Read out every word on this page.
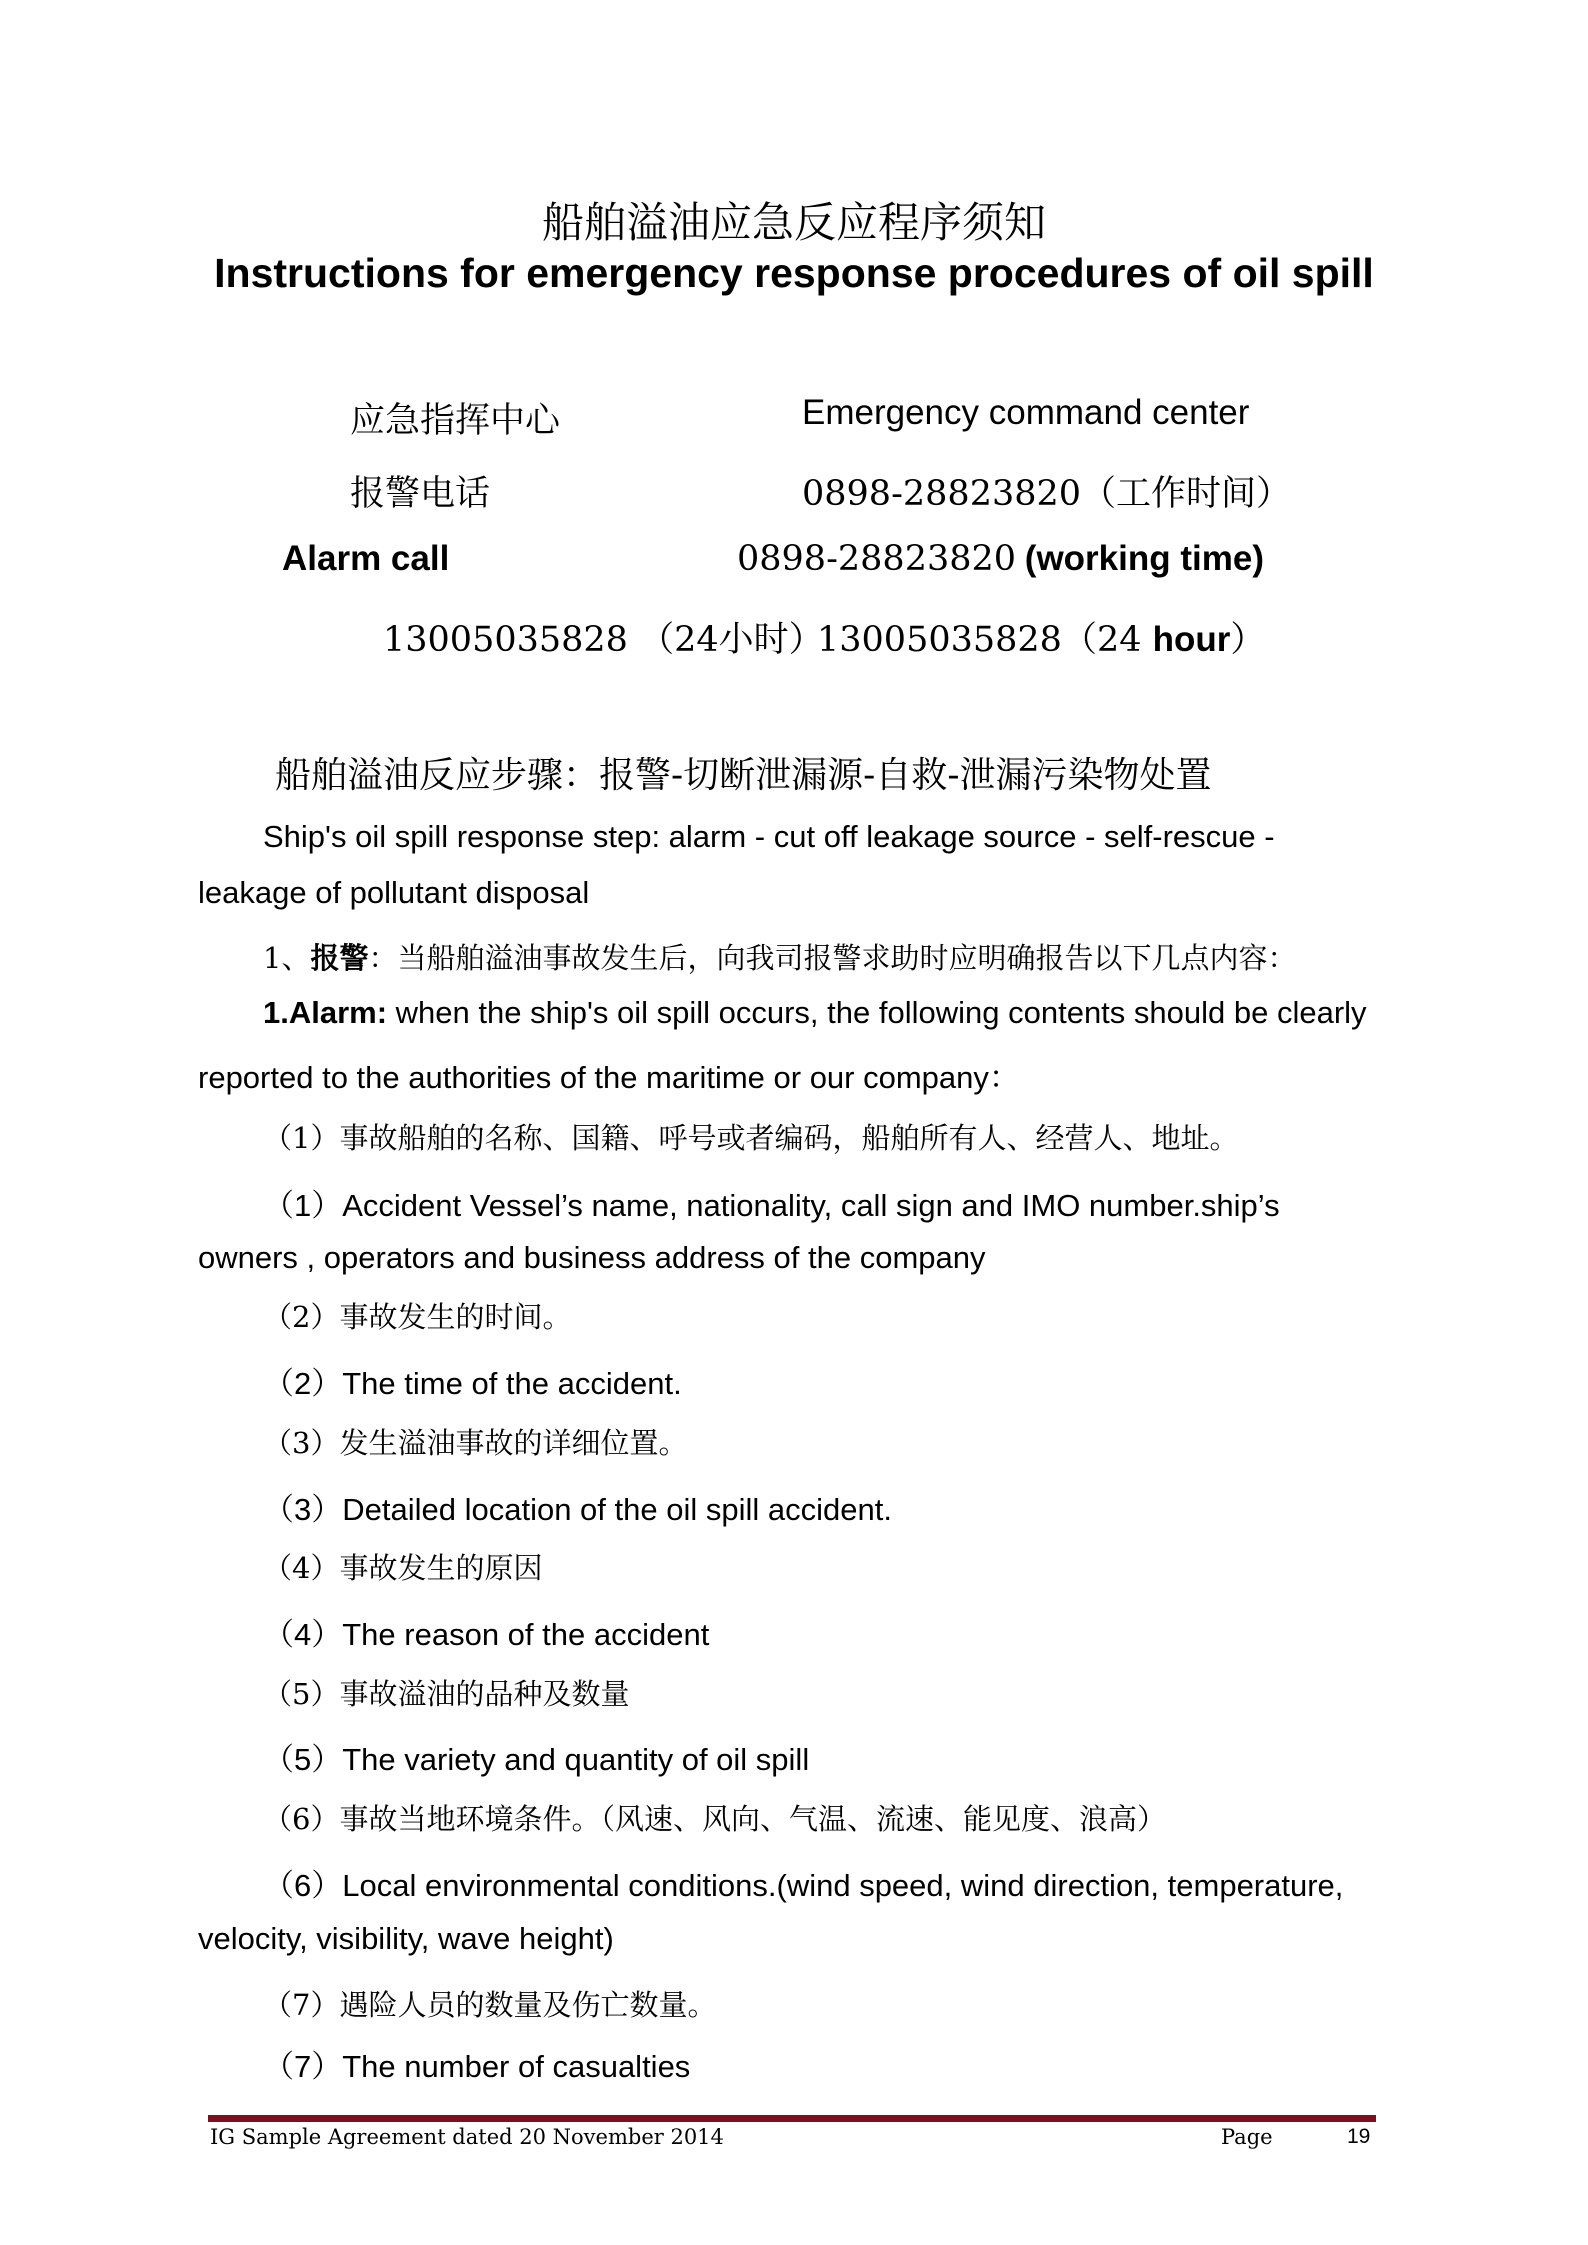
船舶溢油应急反应程序须知
Instructions for emergency response procedures of oil spill
应急指挥中心	Emergency command center
报警电话	0898-28823820（工作时间）
Alarm call	0898-28823820 (working time)
13005035828 （24小时）
13005035828（24 hour）
船舶溢油反应步骤：报警-切断泄漏源-自救-泄漏污染物处置
Ship's oil spill response step: alarm - cut off leakage source - self-rescue -
leakage of pollutant disposal
1、报警：当船舶溢油事故发生后，向我司报警求助时应明确报告以下几点内容：
1.Alarm: when the ship's oil spill occurs, the following contents should be clearly
reported to the authorities of the maritime or our company：
（1）事故船舶的名称、国籍、呼号或者编码，船舶所有人、经营人、地址。
（1）Accident Vessel’s name, nationality, call sign and IMO number.ship’s
owners , operators and business address of the company
（2）事故发生的时间。
（2）The time of the accident.
（3）发生溢油事故的详细位置。
（3）Detailed location of the oil spill accident.
（4）事故发生的原因
（4）The reason of the accident
（5）事故溢油的品种及数量
（5）The variety and quantity of oil spill
（6）事故当地环境条件。（风速、风向、气温、流速、能见度、浪高）
（6）Local environmental conditions.(wind speed, wind direction, temperature,
velocity, visibility, wave height)
（7）遇险人员的数量及伤亡数量。
（7）The number of casualties
IG Sample Agreement dated 20 November 2014	Page	19
